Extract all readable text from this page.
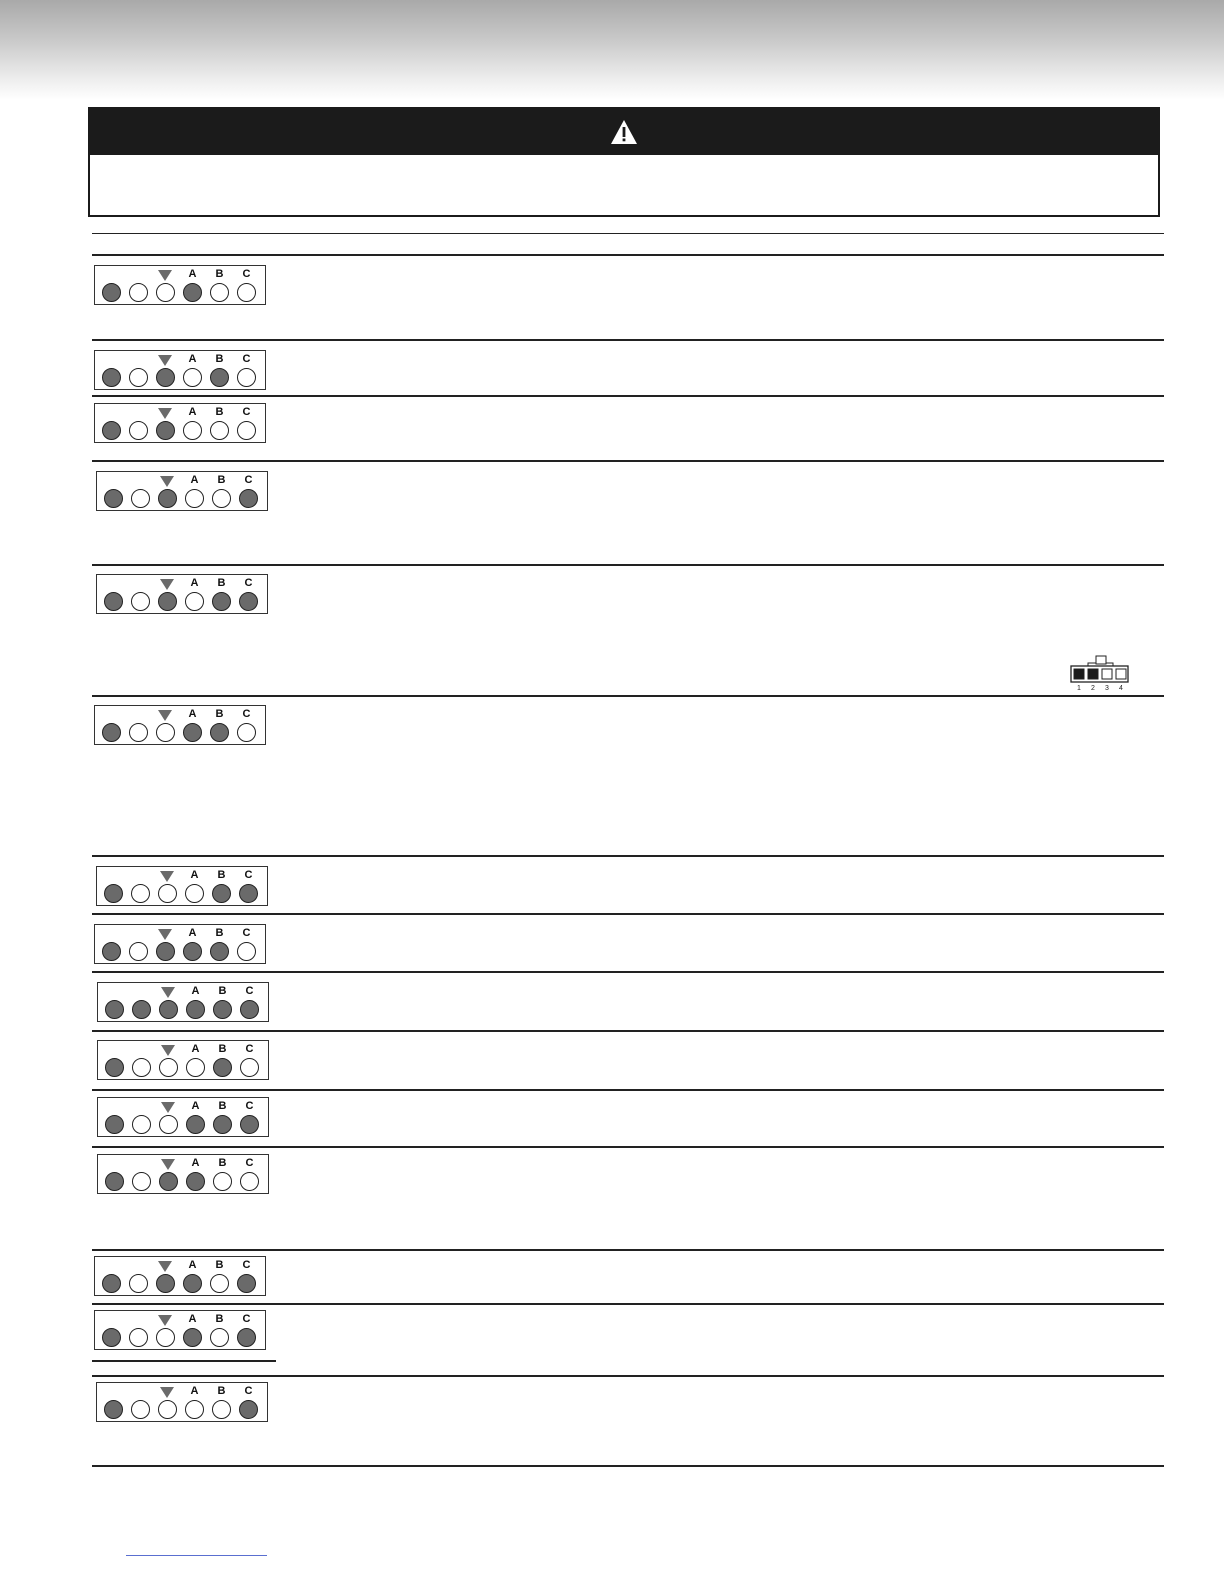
A	B	C
A	B	C
A	B	C
A	B	C
A	B	C
A	B	C
A	B	C
A	B	C
A	B	C
A	B	C
A	B	C
A	B	C
A	B	C
A	B	C
A	B	C
1 2 3 4
